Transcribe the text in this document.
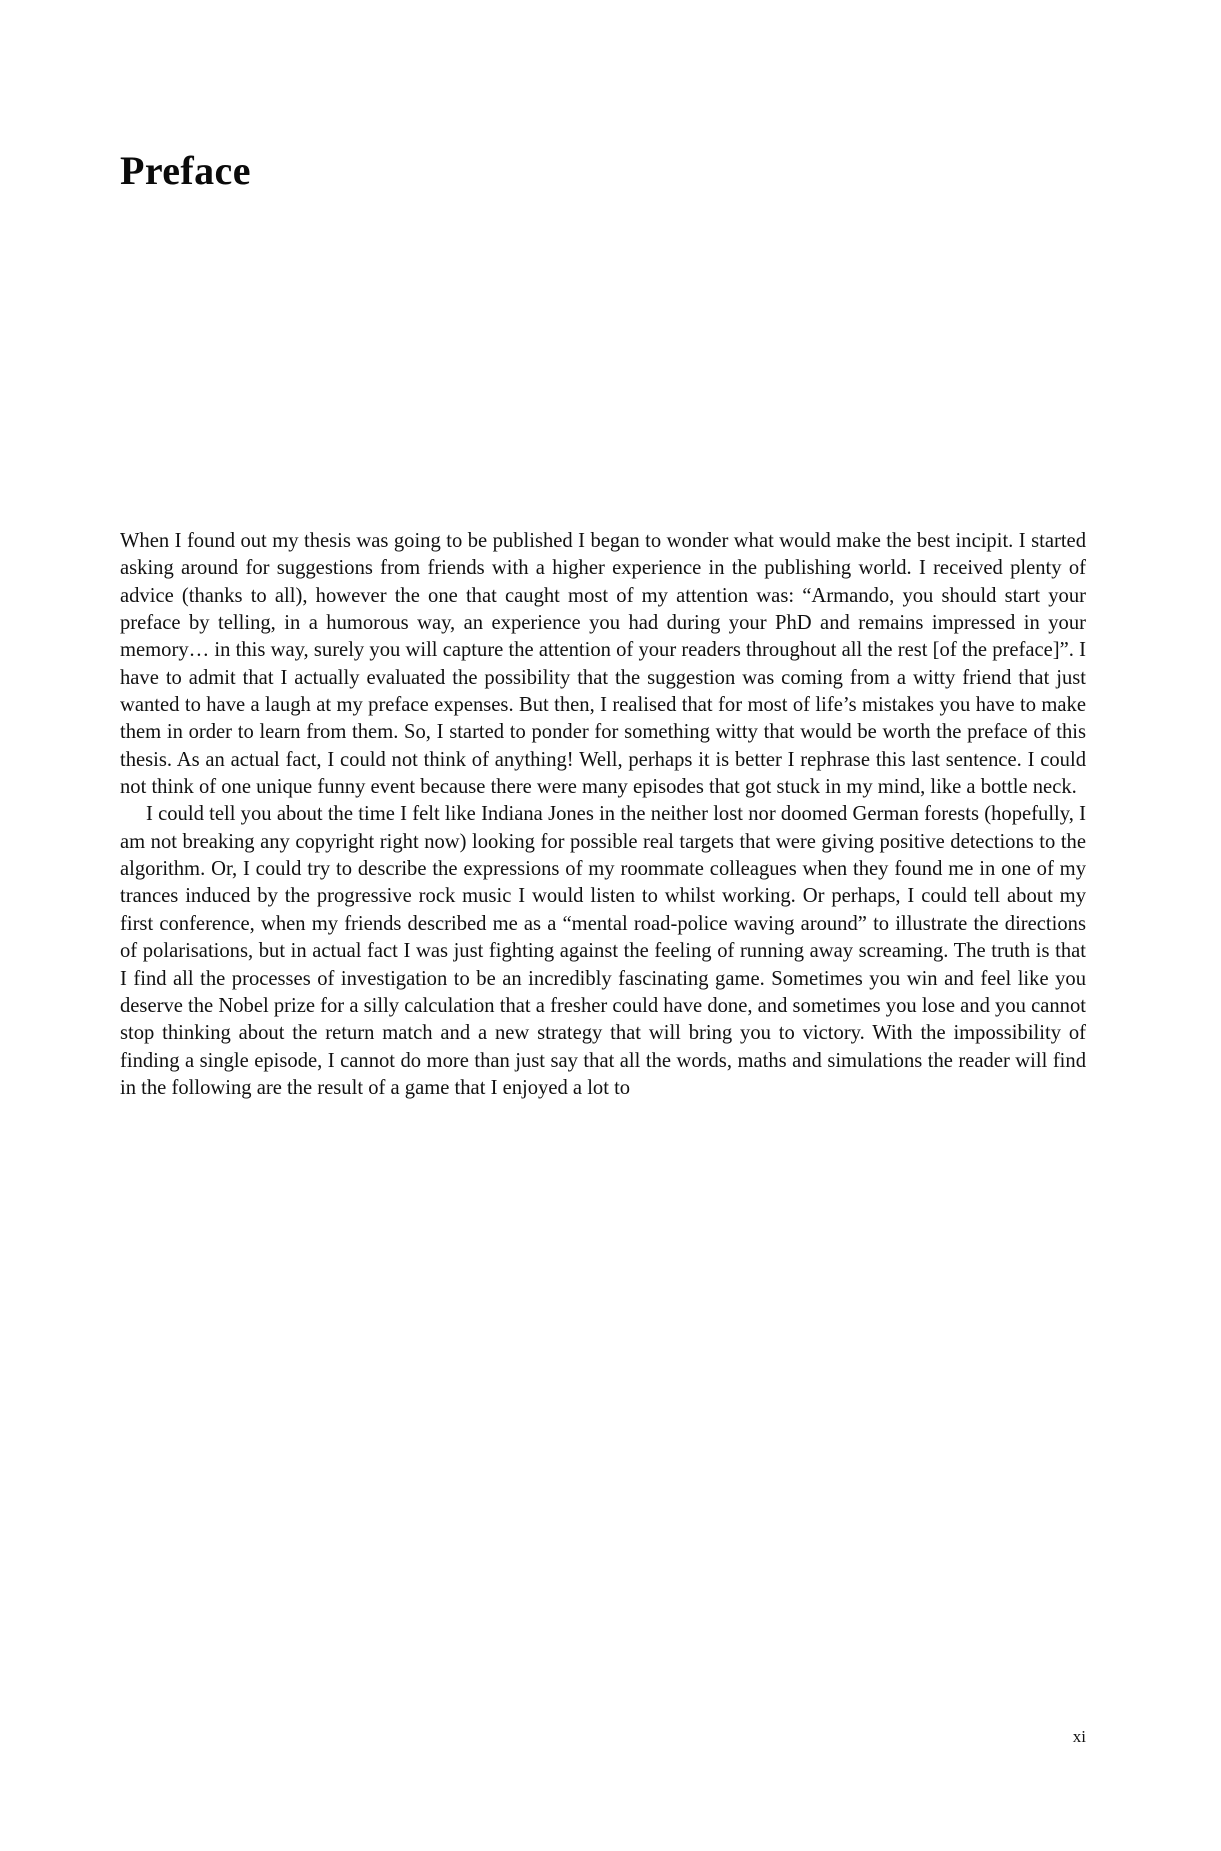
Preface

When I found out my thesis was going to be published I began to wonder what would make the best incipit. I started asking around for suggestions from friends with a higher experience in the publishing world. I received plenty of advice (thanks to all), however the one that caught most of my attention was: “Armando, you should start your preface by telling, in a humorous way, an experience you had during your PhD and remains impressed in your memory… in this way, surely you will capture the attention of your readers throughout all the rest [of the preface]”. I have to admit that I actually evaluated the possibility that the suggestion was coming from a witty friend that just wanted to have a laugh at my preface expenses. But then, I realised that for most of life’s mistakes you have to make them in order to learn from them. So, I started to ponder for something witty that would be worth the preface of this thesis. As an actual fact, I could not think of anything! Well, perhaps it is better I rephrase this last sentence. I could not think of one unique funny event because there were many episodes that got stuck in my mind, like a bottle neck.

I could tell you about the time I felt like Indiana Jones in the neither lost nor doomed German forests (hopefully, I am not breaking any copyright right now) looking for possible real targets that were giving positive detections to the algorithm. Or, I could try to describe the expressions of my roommate colleagues when they found me in one of my trances induced by the progressive rock music I would listen to whilst working. Or perhaps, I could tell about my first conference, when my friends described me as a “mental road-police waving around” to illustrate the directions of polarisations, but in actual fact I was just fighting against the feeling of running away screaming. The truth is that I find all the processes of investigation to be an incredibly fascinating game. Sometimes you win and feel like you deserve the Nobel prize for a silly calculation that a fresher could have done, and sometimes you lose and you cannot stop thinking about the return match and a new strategy that will bring you to victory. With the impossibility of finding a single episode, I cannot do more than just say that all the words, maths and simulations the reader will find in the following are the result of a game that I enjoyed a lot to

xi
